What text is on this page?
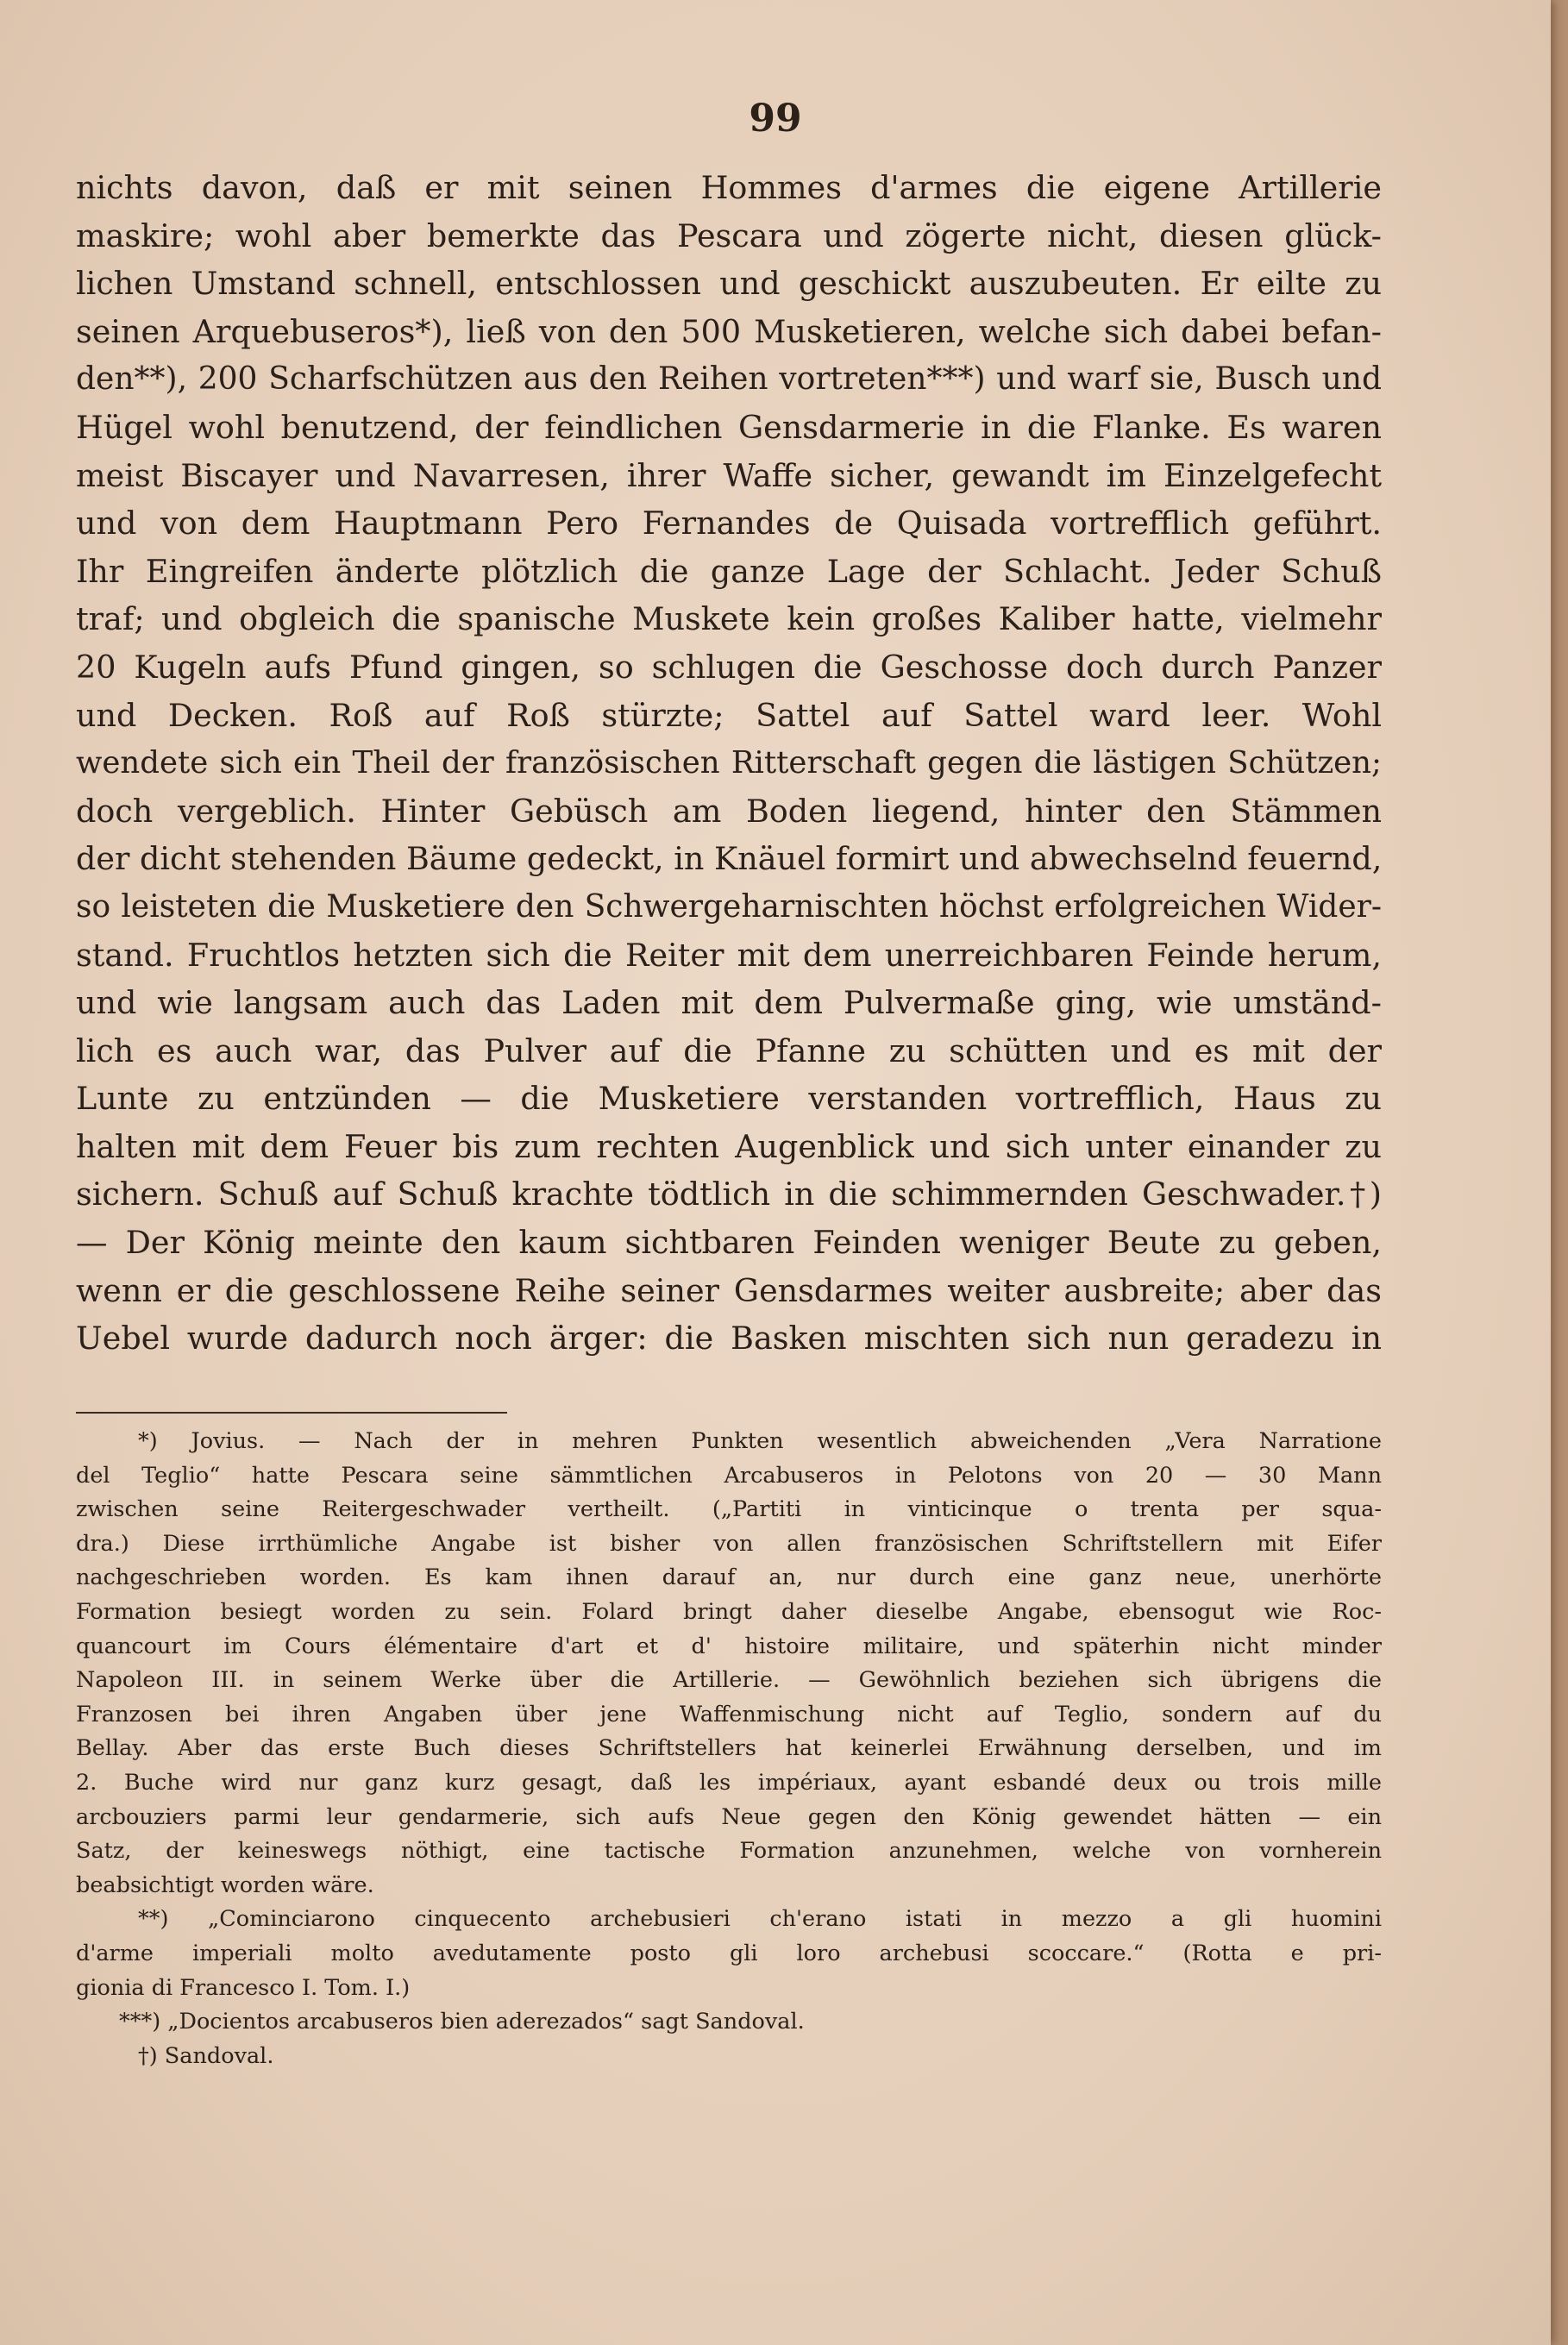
99
nichts davon, daß er mit seinen Hommes d'armes die eigene Artillerie
maskire; wohl aber bemerkte das Pescara und zögerte nicht, diesen glück-
lichen Umstand schnell, entschlossen und geschickt auszubeuten. Er eilte zu
seinen Arquebuseros*), ließ von den 500 Musketieren, welche sich dabei befan-
den**), 200 Scharfschützen aus den Reihen vortreten***) und warf sie, Busch und
Hügel wohl benutzend, der feindlichen Gensdarmerie in die Flanke. Es waren
meist Biscayer und Navarresen, ihrer Waffe sicher, gewandt im Einzelgefecht
und von dem Hauptmann Pero Fernandes de Quisada vortrefflich geführt.
Ihr Eingreifen änderte plötzlich die ganze Lage der Schlacht. Jeder Schuß
traf; und obgleich die spanische Muskete kein großes Kaliber hatte, vielmehr
20 Kugeln aufs Pfund gingen, so schlugen die Geschosse doch durch Panzer
und Decken. Roß auf Roß stürzte; Sattel auf Sattel ward leer. Wohl
wendete sich ein Theil der französischen Ritterschaft gegen die lästigen Schützen;
doch vergeblich. Hinter Gebüsch am Boden liegend, hinter den Stämmen
der dicht stehenden Bäume gedeckt, in Knäuel formirt und abwechselnd feuernd,
so leisteten die Musketiere den Schwergeharnischten höchst erfolgreichen Wider-
stand. Fruchtlos hetzten sich die Reiter mit dem unerreichbaren Feinde herum,
und wie langsam auch das Laden mit dem Pulvermaße ging, wie umständ-
lich es auch war, das Pulver auf die Pfanne zu schütten und es mit der
Lunte zu entzünden — die Musketiere verstanden vortrefflich, Haus zu
halten mit dem Feuer bis zum rechten Augenblick und sich unter einander zu
sichern. Schuß auf Schuß krachte tödtlich in die schimmernden Geschwader.†)
— Der König meinte den kaum sichtbaren Feinden weniger Beute zu geben,
wenn er die geschlossene Reihe seiner Gensdarmes weiter ausbreite; aber das
Uebel wurde dadurch noch ärger: die Basken mischten sich nun geradezu in
*) Jovius. — Nach der in mehren Punkten wesentlich abweichenden „Vera Narratione
del Teglio“ hatte Pescara seine sämmtlichen Arcabuseros in Pelotons von 20 — 30 Mann
zwischen seine Reitergeschwader vertheilt. („Partiti in vinticinque o trenta per squa-
dra.) Diese irrthümliche Angabe ist bisher von allen französischen Schriftstellern mit Eifer
nachgeschrieben worden. Es kam ihnen darauf an, nur durch eine ganz neue, unerhörte
Formation besiegt worden zu sein. Folard bringt daher dieselbe Angabe, ebensogut wie Roc-
quancourt im Cours élémentaire d'art et d' histoire militaire, und späterhin nicht minder
Napoleon III. in seinem Werke über die Artillerie. — Gewöhnlich beziehen sich übrigens die
Franzosen bei ihren Angaben über jene Waffenmischung nicht auf Teglio, sondern auf du
Bellay. Aber das erste Buch dieses Schriftstellers hat keinerlei Erwähnung derselben, und im
2. Buche wird nur ganz kurz gesagt, daß les impériaux, ayant esbandé deux ou trois mille
arcbouziers parmi leur gendarmerie, sich aufs Neue gegen den König gewendet hätten — ein
Satz, der keineswegs nöthigt, eine tactische Formation anzunehmen, welche von vornherein
beabsichtigt worden wäre.
**) „Cominciarono cinquecento archebusieri ch'erano istati in mezzo a gli huomini
d'arme imperiali molto avedutamente posto gli loro archebusi scoccare.“ (Rotta e pri-
gionia di Francesco I. Tom. I.)
***) „Docientos arcabuseros bien aderezados“ sagt Sandoval.
†) Sandoval.
